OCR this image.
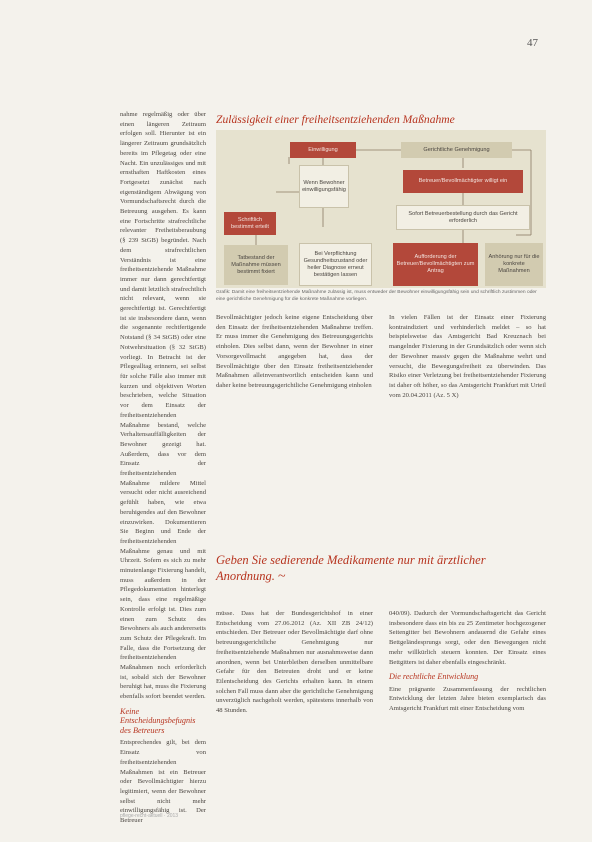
47

nahme regelmäßig oder über einen längeren Zeitraum erfolgen soll. Hierunter ist ein längerer Zeitraum grundsätzlich bereits im Pflegetag oder eine Nacht. Ein unzulässiges und mit ernsthaften Haftkosten eines Fortgesetzt zunächst nach eigenständigem Abwägung von Vormundschaftsrecht durch die Betreuung ausgehen. Es kann eine Fortschritte strafrechtliche relevanter Freiheitsberaubung (§ 239 StGB) begründet. Nach dem strafrechtlichen Verständnis ist eine freiheitsentziehende Maßnahme immer nur dann gerechtfertigt und damit letztlich strafrechtlich nicht relevant, wenn sie gerechtfertigt ist. Gerechtfertigt ist sie insbesondere dann, wenn die sogenannte rechtfertigende Notstand (§ 34 StGB) oder eine Notwehrsituation (§ 32 StGB) vorliegt. In Betracht ist der Pflegealltag erinnern, sei selbst für solche Fälle also immer mit kurzen und objektiven Worten beschrieben, welche Situation vor dem Einsatz der freiheitsentziehenden Maßnahme bestand, welche Verhaltensauffälligkeiten der Bewohner gezeigt hat. Außerdem, dass vor dem Einsatz der freiheitsentziehenden Maßnahme mildere Mittel versucht oder nicht ausreichend gefühlt haben, wie etwa beruhigendes auf den Bewohner einzuwirken. Dokumentieren Sie Beginn und Ende der freiheitsentziehenden Maßnahme genau und mit Uhrzeit. Sofern es sich zu mehr minutenlange Fixierung handelt, muss außerdem in der Pflegedokumentation hinterlegt sein, dass eine regelmäßige Kontrolle erfolgt ist. Dies zum einen zum Schutz des Bewohners als auch andererseits zum Schutz der Pflegekraft. Im Falle, dass die Fortsetzung der freiheitsentziehenden Maßnahmen noch erforderlich ist, sobald sich der Bewohner beruhigt hat, muss die Fixierung ebenfalls sofort beendet werden.

Keine Entscheidungsbefugnis des Betreuers

Entsprechendes gilt, bei dem Einsatz von freiheitsentziehenden Maßnahmen ist ein Betreuer oder Bevollmächtigter hierzu legitimiert, wenn der Bewohner selbst nicht mehr einwilligungsfähig ist. Der Betreuer

Zulässigkeit einer freiheitsentziehenden Maßnahme
Einwilligung	Gerichtliche Genehmigung
Wenn Bewohner einwilligungsfähig
Betreuer/Bevollmächtigter willigt ein
Schriftlich bestimmt erteilt
Sofort Betreuerbestellung durch das Gericht erforderlich
Tatbestand der Maßnahme müssen bestimmt fixiert
Bei Verpflichtung Gesundheitszustand oder heiler Diagnose erneut bestätigen lassen
Aufforderung der Betreuer/Bevollmächtigten zum Antrag
Anhörung nur für die konkrete Maßnahmen
Grafik: Damit eine freiheitsentziehende Maßnahme zulässig ist, muss entweder der Bewohner einwilligungsfähig sein und schriftlich zustimmen oder eine gerichtliche Genehmigung für die konkrete Maßnahme vorliegen.

Bevollmächtigter jedoch keine eigene Entscheidung über den Einsatz der freiheitsentziehenden Maßnahme treffen. Er muss immer die Genehmigung des Betreuungsgerichts einholen. Dies selbst dann, wenn der Bewohner in einer Vorsorgevollmacht angegeben hat, dass der Bevollmächtigte über den Einsatz freiheitsentziehender Maßnahmen alleinverantwortlich entscheiden kann und daher keine betreuungsgerichtliche Genehmigung einholen

In vielen Fällen ist der Einsatz einer Fixierung kontraindiziert und verhinderlich meldet – so hat beispielsweise das Amtsgericht Bad Kreuznach bei mangelnder Fixierung in der Grundsätzlich oder wenn sich der Bewohner massiv gegen die Maßnahme wehrt und versucht, die Bewegungsfreiheit zu überwinden. Das Risiko einer Verletzung bei freiheitsentziehender Fixierung ist daher oft höher, so das Amtsgericht Frankfurt mit Urteil vom 20.04.2011 (Az. 5 X)

Geben Sie sedierende Medikamente nur mit ärztlicher Anordnung. ~

müsse. Dass hat der Bundesgerichtshof in einer Entscheidung vom 27.06.2012 (Az. XII ZB 24/12) entschieden. Der Betreuer oder Bevollmächtigte darf ohne betreuungsgerichtliche Genehmigung nur freiheitsentziehende Maßnahmen nur ausnahmsweise dann anordnen, wenn bei Unterbleiben derselben unmittelbare Gefahr für den Betreuten droht und er keine Eilentscheidung des Gerichts erhalten kann. In einem solchen Fall muss dann aber die gerichtliche Genehmigung unverzüglich nachgeholt werden, spätestens innerhalb von 48 Stunden.

040/09). Dadurch der Vormundschaftsgericht das Gericht insbesondere dass ein bis zu 25 Zentimeter hochgezogener Seitengitter bei Bewohnern andauernd die Gefahr eines Bettgeländesprungs sorgt, oder den Bewegungen nicht mehr willkürlich steuern konnten. Der Einsatz eines Bettgitters ist daher ebenfalls eingeschränkt.

Die rechtliche Entwicklung

Eine prägnante Zusammenfassung der rechtlichen Entwicklung der letzten Jahre bieten exemplarisch das Amtsgericht Frankfurt mit einer Entscheidung vom

pflege-recht-aktuell · 2013
